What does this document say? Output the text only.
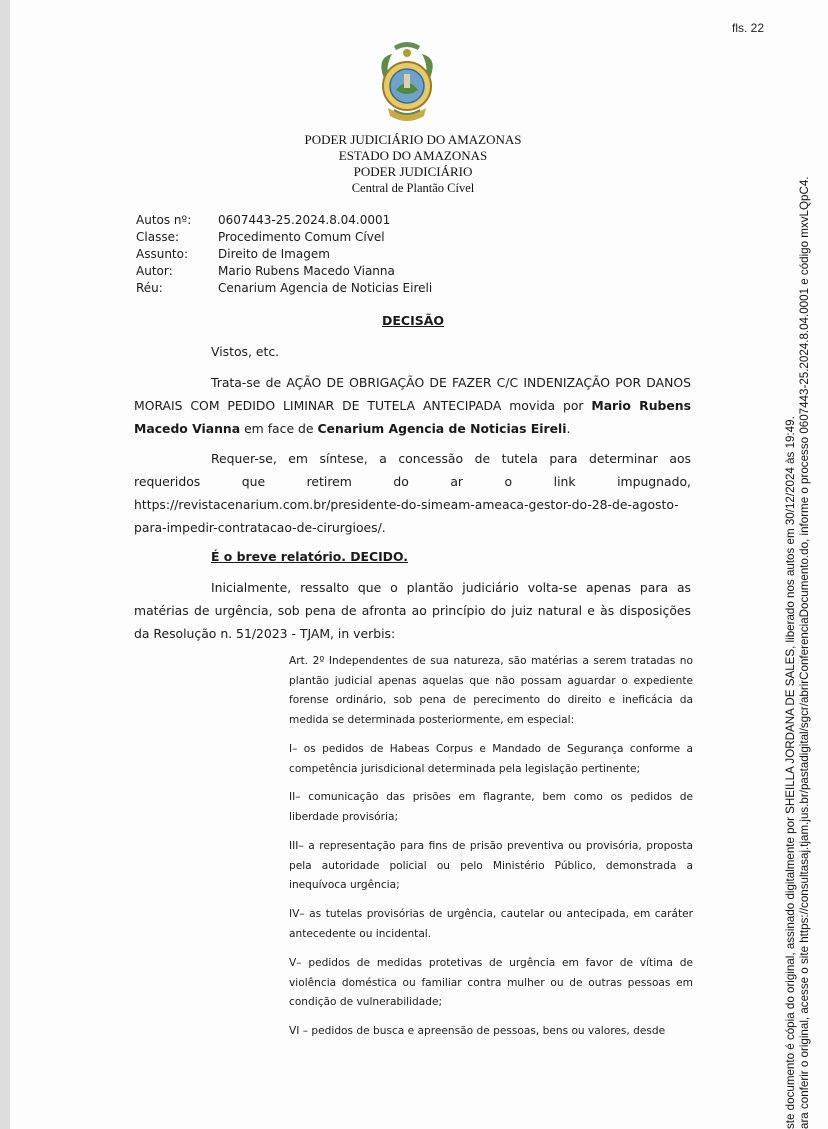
fls. 22
PODER JUDICIÁRIO DO AMAZONAS
ESTADO DO AMAZONAS
PODER JUDICIÁRIO
Central de Plantão Cível
Autos nº:	0607443-25.2024.8.04.0001
Classe:	Procedimento Comum Cível
Assunto:	Direito de Imagem
Autor:	Mario Rubens Macedo Vianna
Réu:	Cenarium Agencia de Noticias Eireli
DECISÃO
Vistos, etc.
Trata-se de AÇÃO DE OBRIGAÇÃO DE FAZER C/C INDENIZAÇÃO POR DANOS MORAIS COM PEDIDO LIMINAR DE TUTELA ANTECIPADA movida por Mario Rubens Macedo Vianna em face de Cenarium Agencia de Noticias Eireli.
Requer-se, em síntese, a concessão de tutela para determinar aos requeridos que retirem do ar o link impugnado, https://revistacenarium.com.br/presidente-do-simeam-ameaca-gestor-do-28-de-agosto-para-impedir-contratacao-de-cirurgioes/.
É o breve relatório. DECIDO.
Inicialmente, ressalto que o plantão judiciário volta-se apenas para as matérias de urgência, sob pena de afronta ao princípio do juiz natural e às disposições da Resolução n. 51/2023 - TJAM, in verbis:
Art. 2º Independentes de sua natureza, são matérias a serem tratadas no plantão judicial apenas aquelas que não possam aguardar o expediente forense ordinário, sob pena de perecimento do direito e ineficácia da medida se determinada posteriormente, em especial:
I– os pedidos de Habeas Corpus e Mandado de Segurança conforme a competência jurisdicional determinada pela legislação pertinente;
II– comunicação das prisões em flagrante, bem como os pedidos de liberdade provisória;
III– a representação para fins de prisão preventiva ou provisória, proposta pela autoridade policial ou pelo Ministério Público, demonstrada a inequívoca urgência;
IV– as tutelas provisórias de urgência, cautelar ou antecipada, em caráter antecedente ou incidental.
V– pedidos de medidas protetivas de urgência em favor de vítima de violência doméstica ou familiar contra mulher ou de outras pessoas em condição de vulnerabilidade;
VI – pedidos de busca e apreensão de pessoas, bens ou valores, desde	ste documento é cópia do original, assinado digitalmente por SHEILLA JORDANA DE SALES, liberado nos autos em 30/12/2024 às 19:49. ara conferir o original, acesse o site https://consultasaj.tjam.jus.br/pastadigital/sgcr/abrirConferenciaDocumento.do, informe o processo 0607443-25.2024.8.04.0001 e código mxvLQpC4.
